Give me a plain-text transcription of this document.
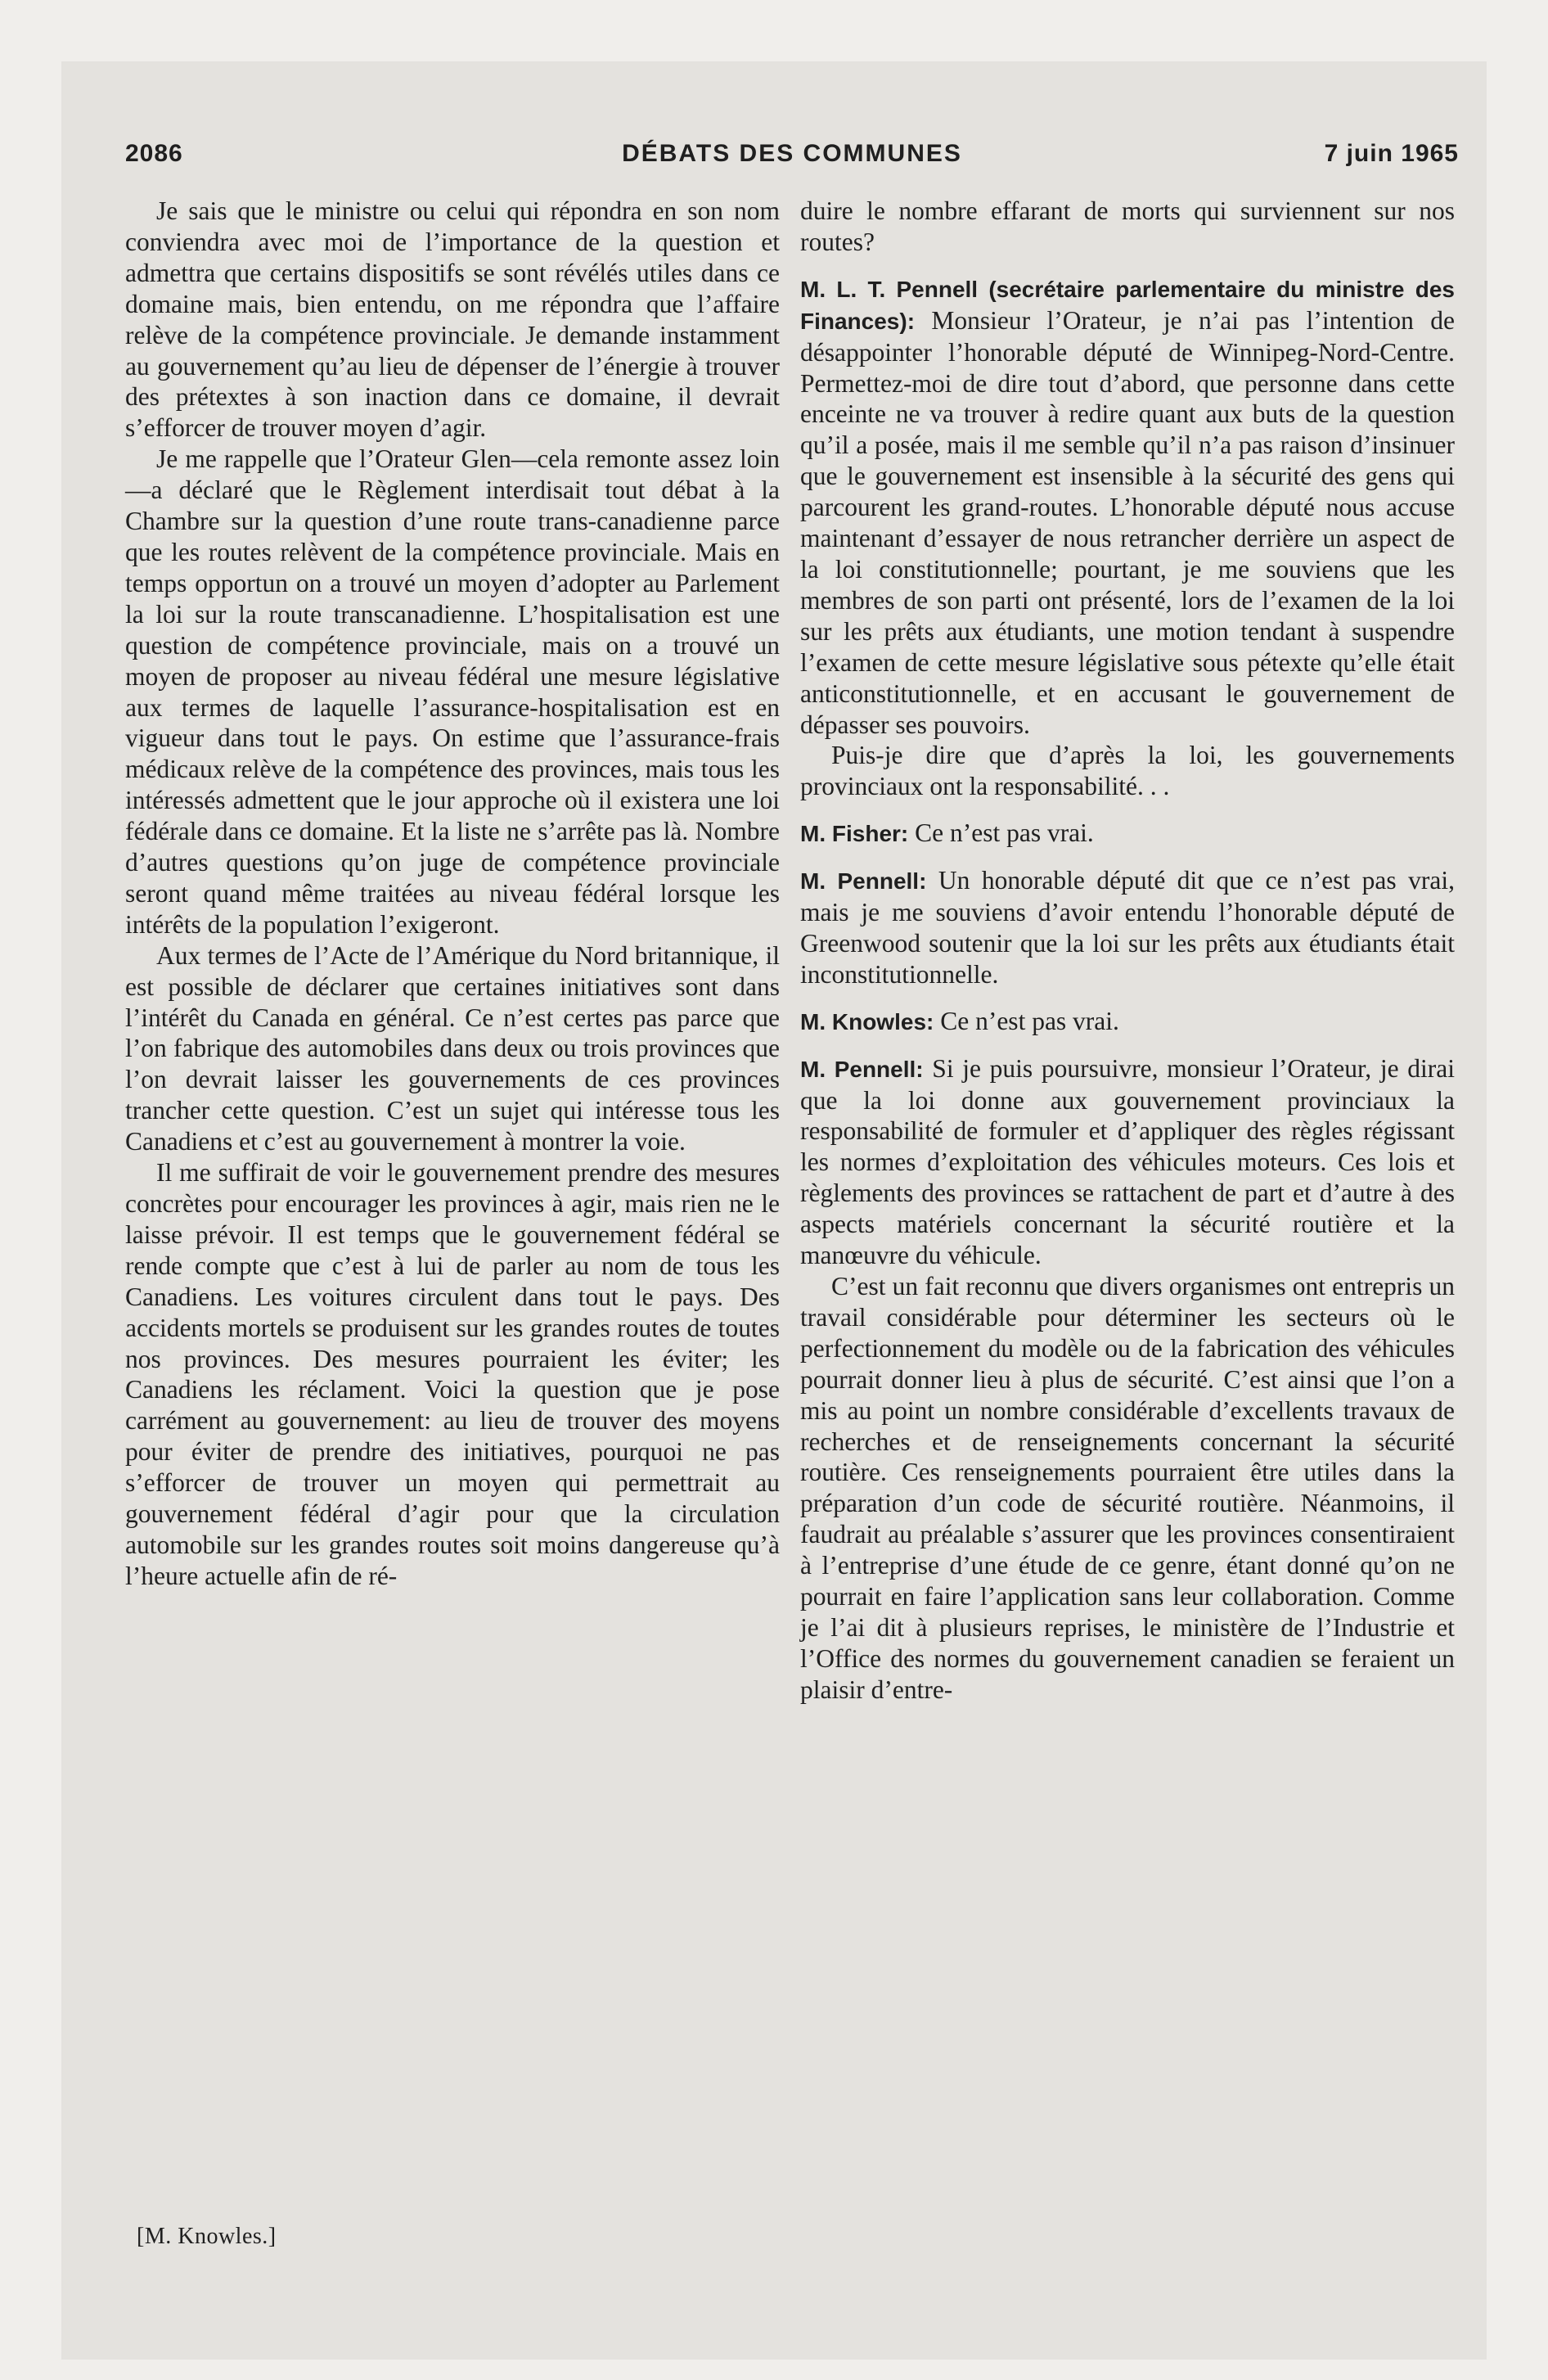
2086	DÉBATS DES COMMUNES	7 juin 1965

Je sais que le ministre ou celui qui répondra en son nom conviendra avec moi de l’importance de la question et admettra que certains dispositifs se sont révélés utiles dans ce domaine mais, bien entendu, on me répondra que l’affaire relève de la compétence provinciale. Je demande instamment au gouvernement qu’au lieu de dépenser de l’énergie à trouver des prétextes à son inaction dans ce domaine, il devrait s’efforcer de trouver moyen d’agir.

Je me rappelle que l’Orateur Glen—cela remonte assez loin—a déclaré que le Règlement interdisait tout débat à la Chambre sur la question d’une route trans-canadienne parce que les routes relèvent de la compétence provinciale. Mais en temps opportun on a trouvé un moyen d’adopter au Parlement la loi sur la route transcanadienne. L’hospitalisation est une question de compétence provinciale, mais on a trouvé un moyen de proposer au niveau fédéral une mesure législative aux termes de laquelle l’assurance-hospitalisation est en vigueur dans tout le pays. On estime que l’assurance-frais médicaux relève de la compétence des provinces, mais tous les intéressés admettent que le jour approche où il existera une loi fédérale dans ce domaine. Et la liste ne s’arrête pas là. Nombre d’autres questions qu’on juge de compétence provinciale seront quand même traitées au niveau fédéral lorsque les intérêts de la population l’exigeront.

Aux termes de l’Acte de l’Amérique du Nord britannique, il est possible de déclarer que certaines initiatives sont dans l’intérêt du Canada en général. Ce n’est certes pas parce que l’on fabrique des automobiles dans deux ou trois provinces que l’on devrait laisser les gouvernements de ces provinces trancher cette question. C’est un sujet qui intéresse tous les Canadiens et c’est au gouvernement à montrer la voie.

Il me suffirait de voir le gouvernement prendre des mesures concrètes pour encourager les provinces à agir, mais rien ne le laisse prévoir. Il est temps que le gouvernement fédéral se rende compte que c’est à lui de parler au nom de tous les Canadiens. Les voitures circulent dans tout le pays. Des accidents mortels se produisent sur les grandes routes de toutes nos provinces. Des mesures pourraient les éviter; les Canadiens les réclament. Voici la question que je pose carrément au gouvernement: au lieu de trouver des moyens pour éviter de prendre des initiatives, pourquoi ne pas s’efforcer de trouver un moyen qui permettrait au gouvernement fédéral d’agir pour que la circulation automobile sur les grandes routes soit moins dangereuse qu’à l’heure actuelle afin de ré-

[M. Knowles.]

duire le nombre effarant de morts qui surviennent sur nos routes?

M. L. T. Pennell (secrétaire parlementaire du ministre des Finances): Monsieur l’Orateur, je n’ai pas l’intention de désappointer l’honorable député de Winnipeg-Nord-Centre. Permettez-moi de dire tout d’abord, que personne dans cette enceinte ne va trouver à redire quant aux buts de la question qu’il a posée, mais il me semble qu’il n’a pas raison d’insinuer que le gouvernement est insensible à la sécurité des gens qui parcourent les grand-routes. L’honorable député nous accuse maintenant d’essayer de nous retrancher derrière un aspect de la loi constitutionnelle; pourtant, je me souviens que les membres de son parti ont présenté, lors de l’examen de la loi sur les prêts aux étudiants, une motion tendant à suspendre l’examen de cette mesure législative sous pétexte qu’elle était anticonstitutionnelle, et en accusant le gouvernement de dépasser ses pouvoirs.

Puis-je dire que d’après la loi, les gouvernements provinciaux ont la responsabilité. . .

M. Fisher: Ce n’est pas vrai.

M. Pennell: Un honorable député dit que ce n’est pas vrai, mais je me souviens d’avoir entendu l’honorable député de Greenwood soutenir que la loi sur les prêts aux étudiants était inconstitutionnelle.

M. Knowles: Ce n’est pas vrai.

M. Pennell: Si je puis poursuivre, monsieur l’Orateur, je dirai que la loi donne aux gouvernement provinciaux la responsabilité de formuler et d’appliquer des règles régissant les normes d’exploitation des véhicules moteurs. Ces lois et règlements des provinces se rattachent de part et d’autre à des aspects matériels concernant la sécurité routière et la manœuvre du véhicule.

C’est un fait reconnu que divers organismes ont entrepris un travail considérable pour déterminer les secteurs où le perfectionnement du modèle ou de la fabrication des véhicules pourrait donner lieu à plus de sécurité. C’est ainsi que l’on a mis au point un nombre considérable d’excellents travaux de recherches et de renseignements concernant la sécurité routière. Ces renseignements pourraient être utiles dans la préparation d’un code de sécurité routière. Néanmoins, il faudrait au préalable s’assurer que les provinces consentiraient à l’entreprise d’une étude de ce genre, étant donné qu’on ne pourrait en faire l’application sans leur collaboration. Comme je l’ai dit à plusieurs reprises, le ministère de l’Industrie et l’Office des normes du gouvernement canadien se feraient un plaisir d’entre-
